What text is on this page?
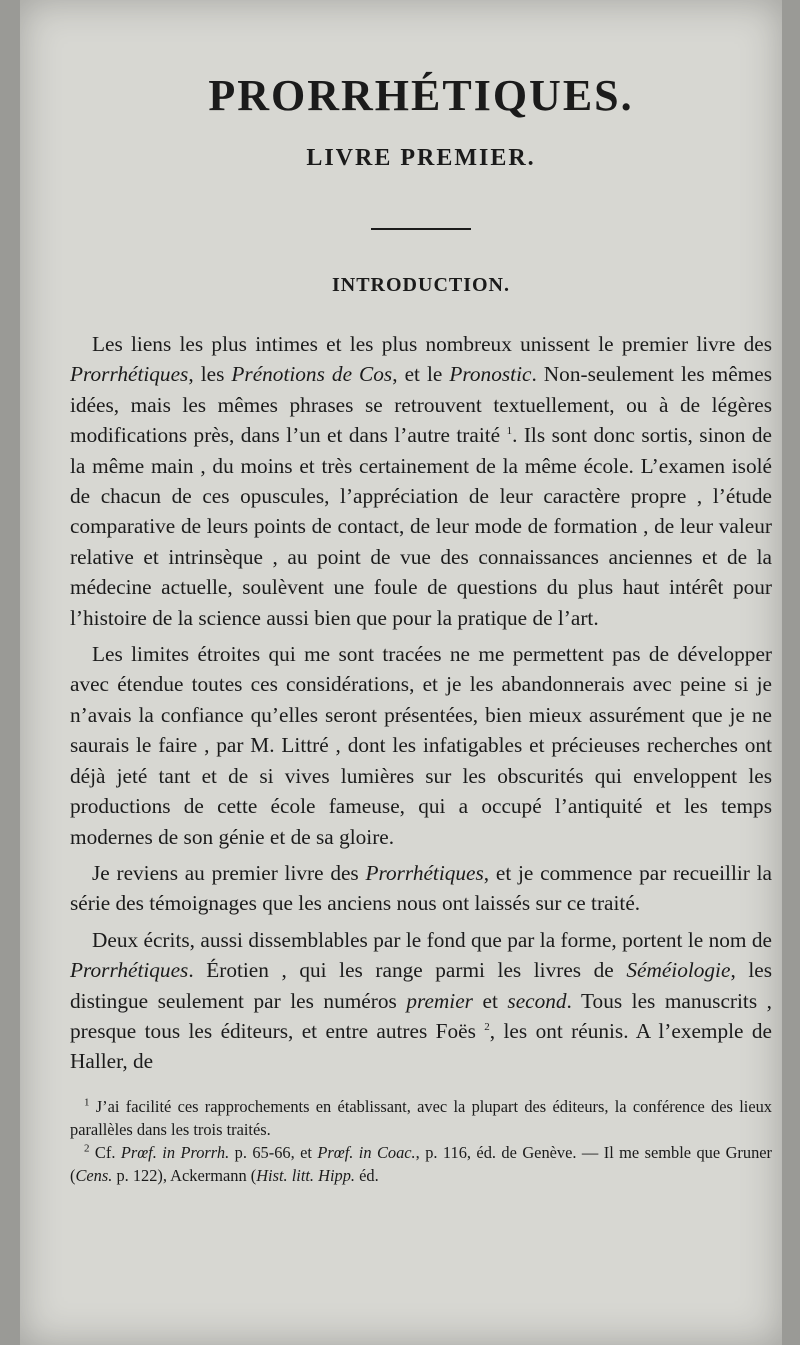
PRORRHÉTIQUES.
LIVRE PREMIER.
INTRODUCTION.

Les liens les plus intimes et les plus nombreux unissent le premier livre des Prorrhétiques, les Prénotions de Cos, et le Pronostic. Non-seulement les mêmes idées, mais les mêmes phrases se retrouvent textuellement, ou à de légères modifications près, dans l’un et dans l’autre traité $^1$. Ils sont donc sortis, sinon de la même main , du moins et très certainement de la même école. L’examen isolé de chacun de ces opuscules, l’appréciation de leur caractère propre , l’étude comparative de leurs points de contact, de leur mode de formation , de leur valeur relative et intrinsèque , au point de vue des connaissances anciennes et de la médecine actuelle, soulèvent une foule de questions du plus haut intérêt pour l’histoire de la science aussi bien que pour la pratique de l’art.

Les limites étroites qui me sont tracées ne me permettent pas de développer avec étendue toutes ces considérations, et je les abandonnerais avec peine si je n’avais la confiance qu’elles seront présentées, bien mieux assurément que je ne saurais le faire , par M. Littré , dont les infatigables et précieuses recherches ont déjà jeté tant et de si vives lumières sur les obscurités qui enveloppent les productions de cette école fameuse, qui a occupé l’antiquité et les temps modernes de son génie et de sa gloire.

Je reviens au premier livre des Prorrhétiques, et je commence par recueillir la série des témoignages que les anciens nous ont laissés sur ce traité.

Deux écrits, aussi dissemblables par le fond que par la forme, portent le nom de Prorrhétiques. Érotien , qui les range parmi les livres de Séméiologie, les distingue seulement par les numéros premier et second. Tous les manuscrits , presque tous les éditeurs, et entre autres Foës $^2$, les ont réunis. A l’exemple de Haller, de

$^1$ J’ai facilité ces rapprochements en établissant, avec la plupart des éditeurs, la conférence des lieux parallèles dans les trois traités.

$^2$ Cf. Prœf. in Prorrh. p. 65-66, et Prœf. in Coac., p. 116, éd. de Genève. — Il me semble que Gruner (Cens. p. 122), Ackermann (Hist. litt. Hipp. éd.
